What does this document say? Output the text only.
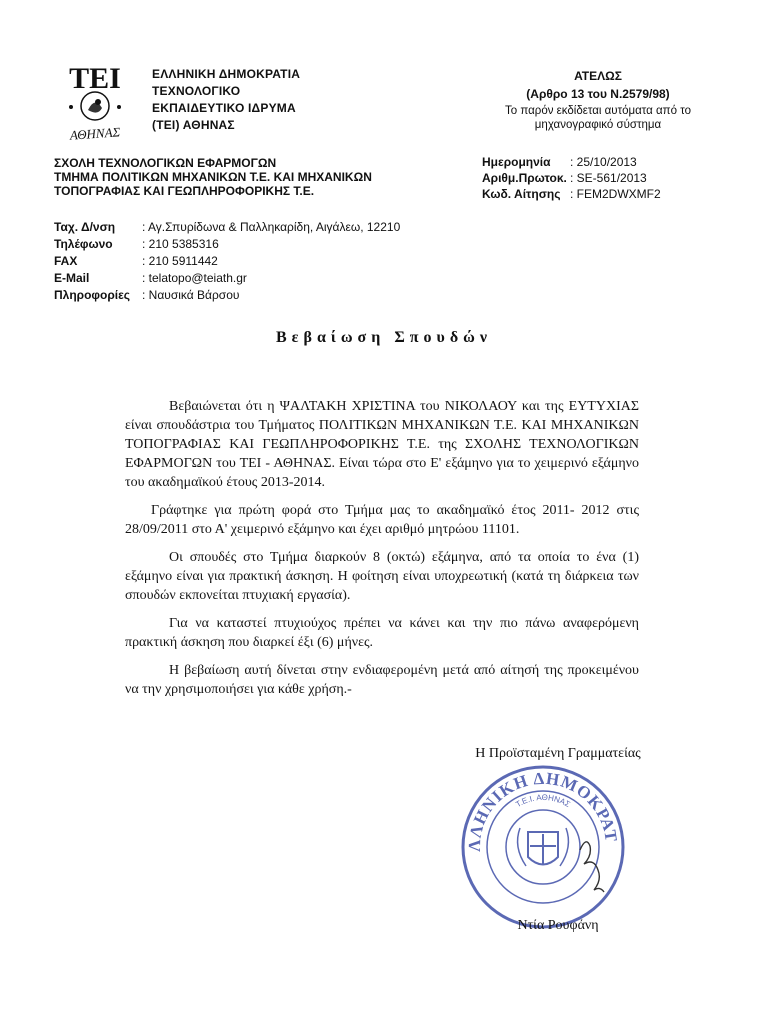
ΤΕΙ
ΑΘΗΝΑΣ
ΕΛΛΗΝΙΚΗ ΔΗΜΟΚΡΑΤΙΑ
ΤΕΧΝΟΛΟΓΙΚΟ
ΕΚΠΑΙΔΕΥΤΙΚΟ ΙΔΡΥΜΑ
(ΤΕΙ) ΑΘΗΝΑΣ
ΑΤΕΛΩΣ
(Αρθρο 13 του Ν.2579/98)
Το παρόν εκδίδεται αυτόματα από το
μηχανογραφικό σύστημα
ΣΧΟΛΗ ΤΕΧΝΟΛΟΓΙΚΩΝ ΕΦΑΡΜΟΓΩΝ
ΤΜΗΜΑ ΠΟΛΙΤΙΚΩΝ ΜΗΧΑΝΙΚΩΝ Τ.Ε. ΚΑΙ ΜΗΧΑΝΙΚΩΝ
ΤΟΠΟΓΡΑΦΙΑΣ ΚΑΙ ΓΕΩΠΛΗΡΟΦΟΡΙΚΗΣ Τ.Ε.
Ημερομηνία	: 25/10/2013
Αριθμ.Πρωτοκ. : SE-561/2013
Κωδ. Αίτησης : FEM2DWXMF2
Ταχ. Δ/νση	: Αγ.Σπυρίδωνα & Παλληκαρίδη, Αιγάλεω, 12210
Τηλέφωνο	: 210 5385316
FAX	: 210 5911442
E-Mail	: telatopo@teiath.gr
Πληροφορίες : Ναυσικά Βάρσου
Βεβαίωση Σπουδών

Βεβαιώνεται ότι η ΨΑΛΤΑΚΗ ΧΡΙΣΤΙΝΑ του ΝΙΚΟΛΑΟΥ και της ΕΥΤΥΧΙΑΣ είναι σπουδάστρια του Τμήματος ΠΟΛΙΤΙΚΩΝ ΜΗΧΑΝΙΚΩΝ Τ.Ε. ΚΑΙ ΜΗΧΑΝΙΚΩΝ ΤΟΠΟΓΡΑΦΙΑΣ ΚΑΙ ΓΕΩΠΛΗΡΟΦΟΡΙΚΗΣ Τ.Ε. της ΣΧΟΛΗΣ ΤΕΧΝΟΛΟΓΙΚΩΝ ΕΦΑΡΜΟΓΩΝ του ΤΕΙ - ΑΘΗΝΑΣ. Είναι τώρα στο Ε' εξάμηνο για το χειμερινό εξάμηνο του ακαδημαϊκού έτους 2013-2014.

Γράφτηκε για πρώτη φορά στο Τμήμα μας το ακαδημαϊκό έτος 2011- 2012 στις 28/09/2011 στο Α' χειμερινό εξάμηνο και έχει αριθμό μητρώου 11101.

Οι σπουδές στο Τμήμα διαρκούν 8 (οκτώ) εξάμηνα, από τα οποία το ένα (1) εξάμηνο είναι για πρακτική άσκηση. Η φοίτηση είναι υποχρεωτική (κατά τη διάρκεια των σπουδών εκπονείται πτυχιακή εργασία).

Για να καταστεί πτυχιούχος πρέπει να κάνει και την πιο πάνω αναφερόμενη πρακτική άσκηση που διαρκεί έξι (6) μήνες.

Η βεβαίωση αυτή δίνεται στην ενδιαφερομένη μετά από αίτησή της προκειμένου να την χρησιμοποιήσει για κάθε χρήση.-

Η Προϊσταμένη Γραμματείας
ΛΛΗΝΙΚΗ ΔΗΜΟΚΡΑΤ
Τ.Ε.Ι. ΑΘΗΝΑΣ
Ντία Ρουφάνη
